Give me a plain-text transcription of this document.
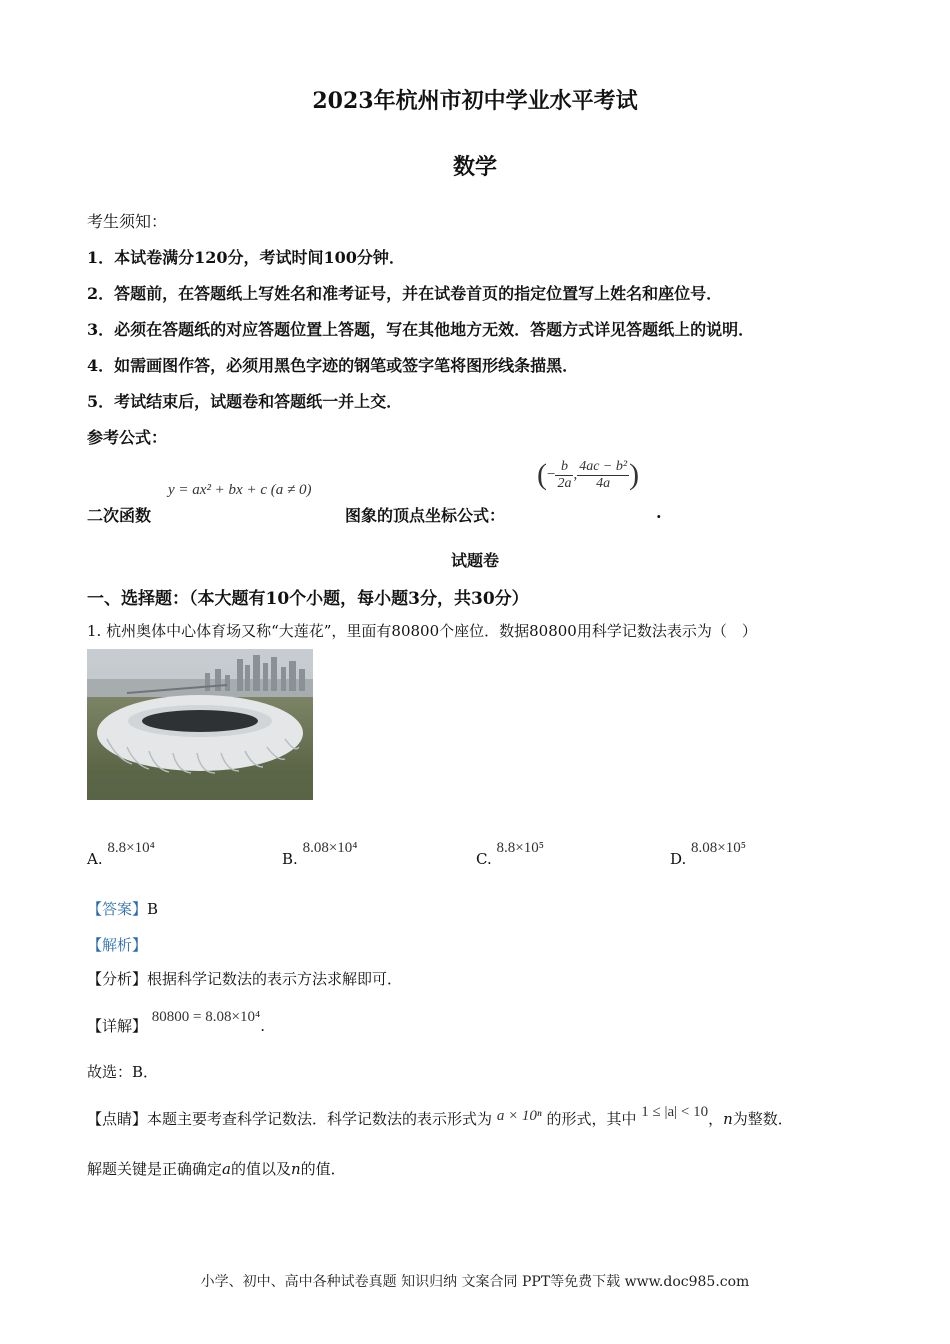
2023年杭州市初中学业水平考试
数学
考生须知：
1．本试卷满分120分，考试时间100分钟．
2．答题前，在答题纸上写姓名和准考证号，并在试卷首页的指定位置写上姓名和座位号．
3．必须在答题纸的对应答题位置上答题，写在其他地方无效．答题方式详见答题纸上的说明．
4．如需画图作答，必须用黑色字迹的钢笔或签字笔将图形线条描黑．
5．考试结束后，试题卷和答题纸一并上交．
参考公式：
二次函数
y = ax² + bx + c (a ≠ 0)
图象的顶点坐标公式：
(− $\frac{b}{2a}$ , $\frac{\text{4ac − b²}}{4a}$ )
.
试题卷
一、选择题：（本大题有10个小题，每小题3分，共30分）
1. 杭州奥体中心体育场又称“大莲花”，里面有80800个座位．数据80800用科学记数法表示为（　）
A. 8.8×10⁴
B. 8.08×10⁴
C. 8.8×10⁵
D. 8.08×10⁵
【答案】B
【解析】
【分析】根据科学记数法的表示方法求解即可．
【详解】 80800 = 8.08×10⁴.
故选：B．
【点睛】本题主要考查科学记数法．科学记数法的表示形式为 a × 10ⁿ 的形式，其中 1 ≤ |a| < 10，n为整数．
解题关键是正确确定a的值以及n的值．
小学、初中、高中各种试卷真题 知识归纳 文案合同 PPT等免费下载 www.doc985.com
